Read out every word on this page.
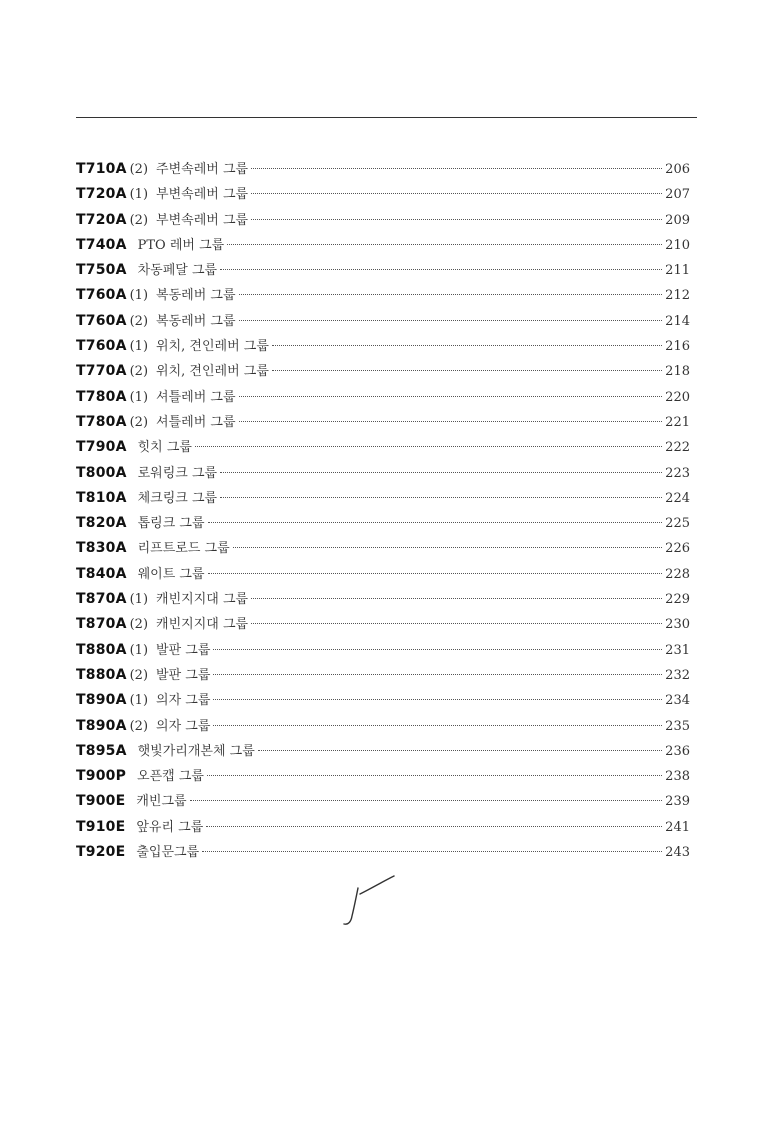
T710A (2) 주변속레버 그룹	206
T720A (1) 부변속레버 그룹	207
T720A (2) 부변속레버 그룹	209
T740A PTO 레버 그룹	210
T750A 차동페달 그룹	211
T760A (1) 복동레버 그룹	212
T760A (2) 복동레버 그룹	214
T760A (1) 위치, 견인레버 그룹	216
T770A (2) 위치, 견인레버 그룹	218
T780A (1) 셔틀레버 그룹	220
T780A (2) 셔틀레버 그룹	221
T790A 힛치 그룹	222
T800A 로워링크 그룹	223
T810A 체크링크 그룹	224
T820A 톱링크 그룹	225
T830A 리프트로드 그룹	226
T840A 웨이트 그룹	228
T870A (1) 캐빈지지대 그룹	229
T870A (2) 캐빈지지대 그룹	230
T880A (1) 발판 그룹	231
T880A (2) 발판 그룹	232
T890A (1) 의자 그룹	234
T890A (2) 의자 그룹	235
T895A 햇빛가리개본체 그룹	236
T900P 오픈캡 그룹	238
T900E 캐빈그룹	239
T910E 앞유리 그룹	241
T920E 출입문그룹	243
